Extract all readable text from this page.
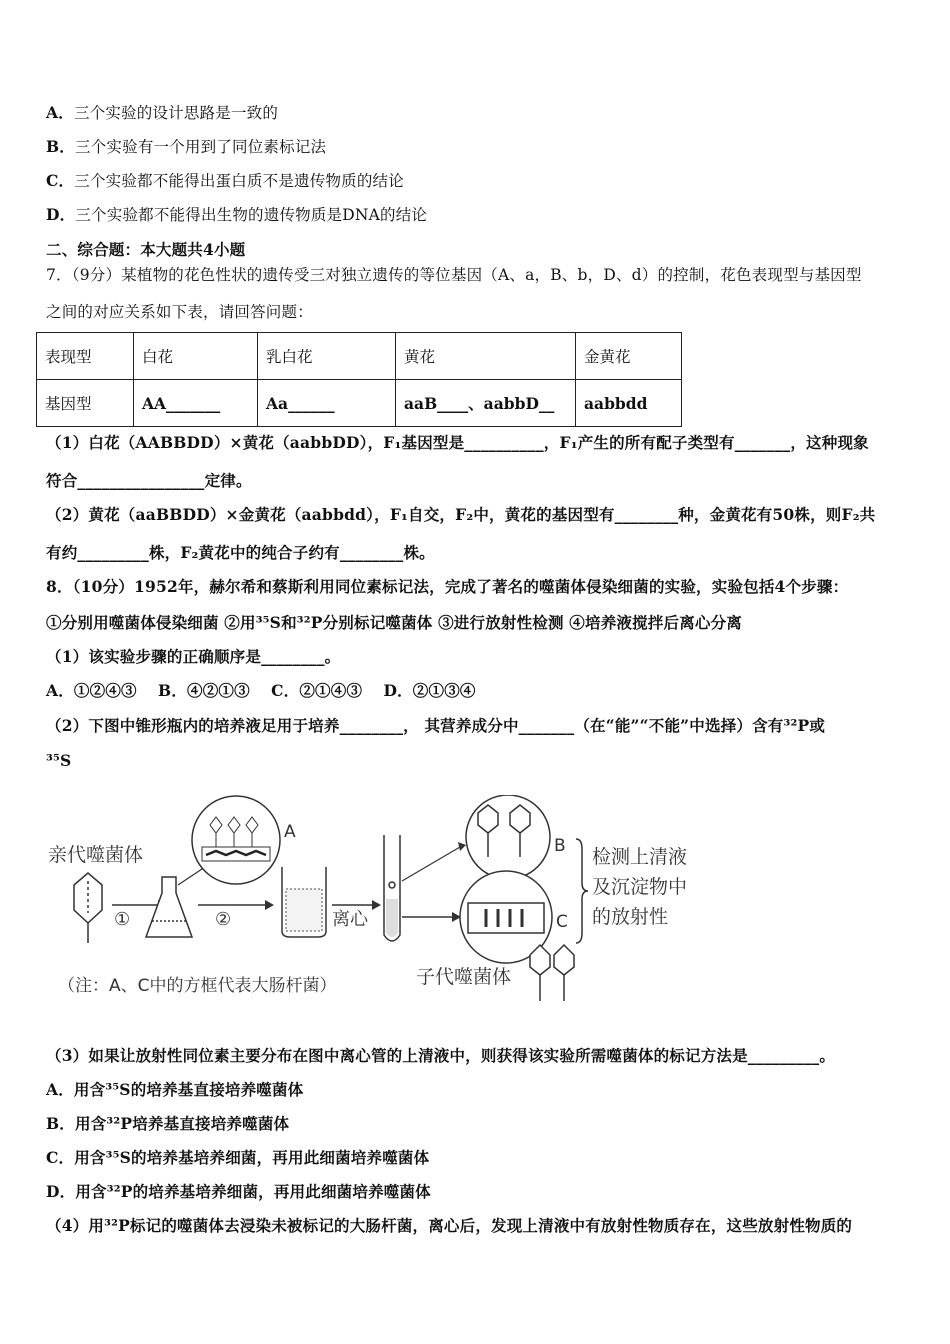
A．三个实验的设计思路是一致的
B．三个实验有一个用到了同位素标记法
C．三个实验都不能得出蛋白质不是遗传物质的结论
D．三个实验都不能得出生物的遗传物质是DNA的结论
二、综合题：本大题共4小题
7．（9分）某植物的花色性状的遗传受三对独立遗传的等位基因（A、a，B、b，D、d）的控制，花色表现型与基因型
之间的对应关系如下表，请回答问题：
表现型	白花	乳白花	黄花	金黄花
基因型	AA_______	Aa______	aaB____、aabbD__	aabbdd
（1）白花（AABBDD）×黄花（aabbDD），F₁基因型是__________，F₁产生的所有配子类型有_______，这种现象
符合________________定律。
（2）黄花（aaBBDD）×金黄花（aabbdd），F₁自交，F₂中，黄花的基因型有________种，金黄花有50株，则F₂共
有约_________株，F₂黄花中的纯合子约有________株。
8．（10分）1952年，赫尔希和蔡斯利用同位素标记法，完成了著名的噬菌体侵染细菌的实验，实验包括4个步骤：
①分别用噬菌体侵染细菌 ②用³⁵S和³²P分别标记噬菌体 ③进行放射性检测 ④培养液搅拌后离心分离
（1）该实验步骤的正确顺序是________。
A．①②④③　 B．④②①③　 C．②①④③　 D．②①③④
（2）下图中锥形瓶内的培养液足用于培养________， 其营养成分中_______（在“能”“不能”中选择）含有³²P或
³⁵S
亲代噬菌体
①	②
A
离心
B
C
检测上清液
及沉淀物中
的放射性
（注：A、C中的方框代表大肠杆菌）	子代噬菌体
（3）如果让放射性同位素主要分布在图中离心管的上清液中，则获得该实验所需噬菌体的标记方法是_________。
A．用含³⁵S的培养基直接培养噬菌体
B．用含³²P培养基直接培养噬菌体
C．用含³⁵S的培养基培养细菌，再用此细菌培养噬菌体
D．用含³²P的培养基培养细菌，再用此细菌培养噬菌体
（4）用³²P标记的噬菌体去浸染未被标记的大肠杆菌，离心后，发现上清液中有放射性物质存在，这些放射性物质的
